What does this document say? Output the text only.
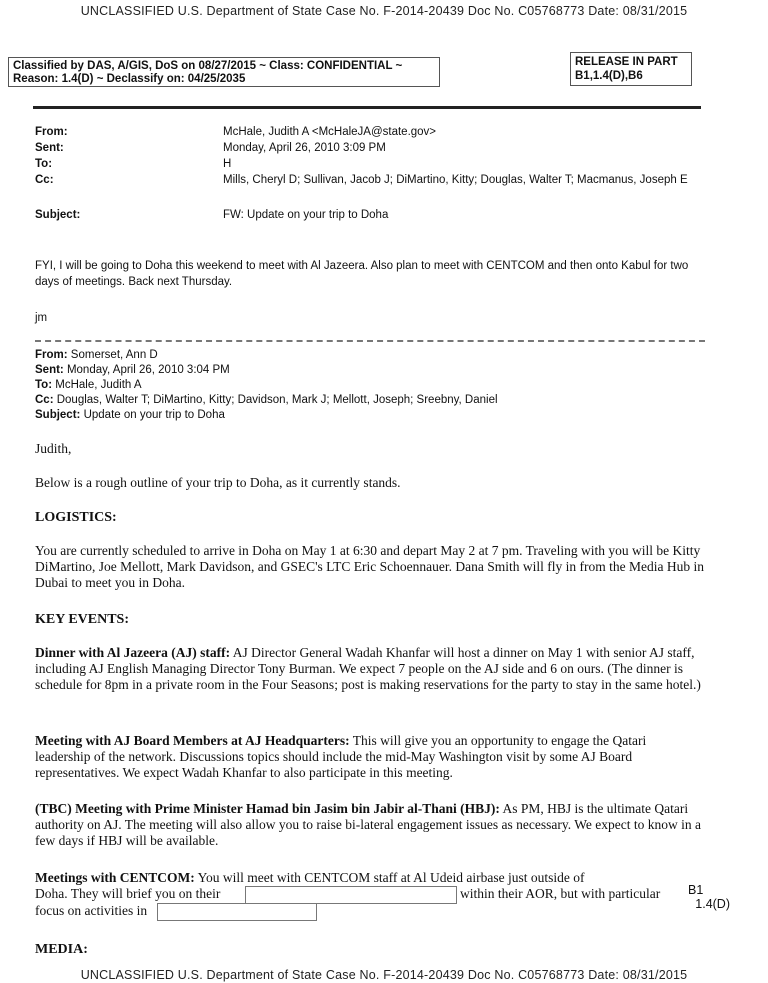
UNCLASSIFIED U.S. Department of State Case No. F-2014-20439 Doc No. C05768773 Date: 08/31/2015
Classified by DAS, A/GIS, DoS on 08/27/2015 ~ Class: CONFIDENTIAL ~
Reason: 1.4(D) ~ Declassify on: 04/25/2035
RELEASE IN PART
B1,1.4(D),B6
From:	McHale, Judith A <McHaleJA@state.gov>
Sent:	Monday, April 26, 2010 3:09 PM
To:	H
Cc:	Mills, Cheryl D; Sullivan, Jacob J; DiMartino, Kitty; Douglas, Walter T; Macmanus, Joseph E
Subject:	FW: Update on your trip to Doha
FYI, I will be going to Doha this weekend to meet with Al Jazeera. Also plan to meet with CENTCOM and then onto Kabul for two days of meetings. Back next Thursday.
jm
From: Somerset, Ann D
Sent: Monday, April 26, 2010 3:04 PM
To: McHale, Judith A
Cc: Douglas, Walter T; DiMartino, Kitty; Davidson, Mark J; Mellott, Joseph; Sreebny, Daniel
Subject: Update on your trip to Doha
Judith,
Below is a rough outline of your trip to Doha, as it currently stands.
LOGISTICS:
You are currently scheduled to arrive in Doha on May 1 at 6:30 and depart May 2 at 7 pm. Traveling with you will be Kitty DiMartino, Joe Mellott, Mark Davidson, and GSEC's LTC Eric Schoennauer. Dana Smith will fly in from the Media Hub in Dubai to meet you in Doha.
KEY EVENTS:
Dinner with Al Jazeera (AJ) staff: AJ Director General Wadah Khanfar will host a dinner on May 1 with senior AJ staff, including AJ English Managing Director Tony Burman. We expect 7 people on the AJ side and 6 on ours. (The dinner is schedule for 8pm in a private room in the Four Seasons; post is making reservations for the party to stay in the same hotel.)
Meeting with AJ Board Members at AJ Headquarters: This will give you an opportunity to engage the Qatari leadership of the network. Discussions topics should include the mid-May Washington visit by some AJ Board representatives. We expect Wadah Khanfar to also participate in this meeting.
(TBC) Meeting with Prime Minister Hamad bin Jasim bin Jabir al-Thani (HBJ): As PM, HBJ is the ultimate Qatari authority on AJ. The meeting will also allow you to raise bi-lateral engagement issues as necessary. We expect to know in a few days if HBJ will be available.
Meetings with CENTCOM: You will meet with CENTCOM staff at Al Udeid airbase just outside of
Doha. They will brief you on their	within their AOR, but with particular
focus on activities in
B1
1.4(D)
MEDIA:
UNCLASSIFIED U.S. Department of State Case No. F-2014-20439 Doc No. C05768773 Date: 08/31/2015
